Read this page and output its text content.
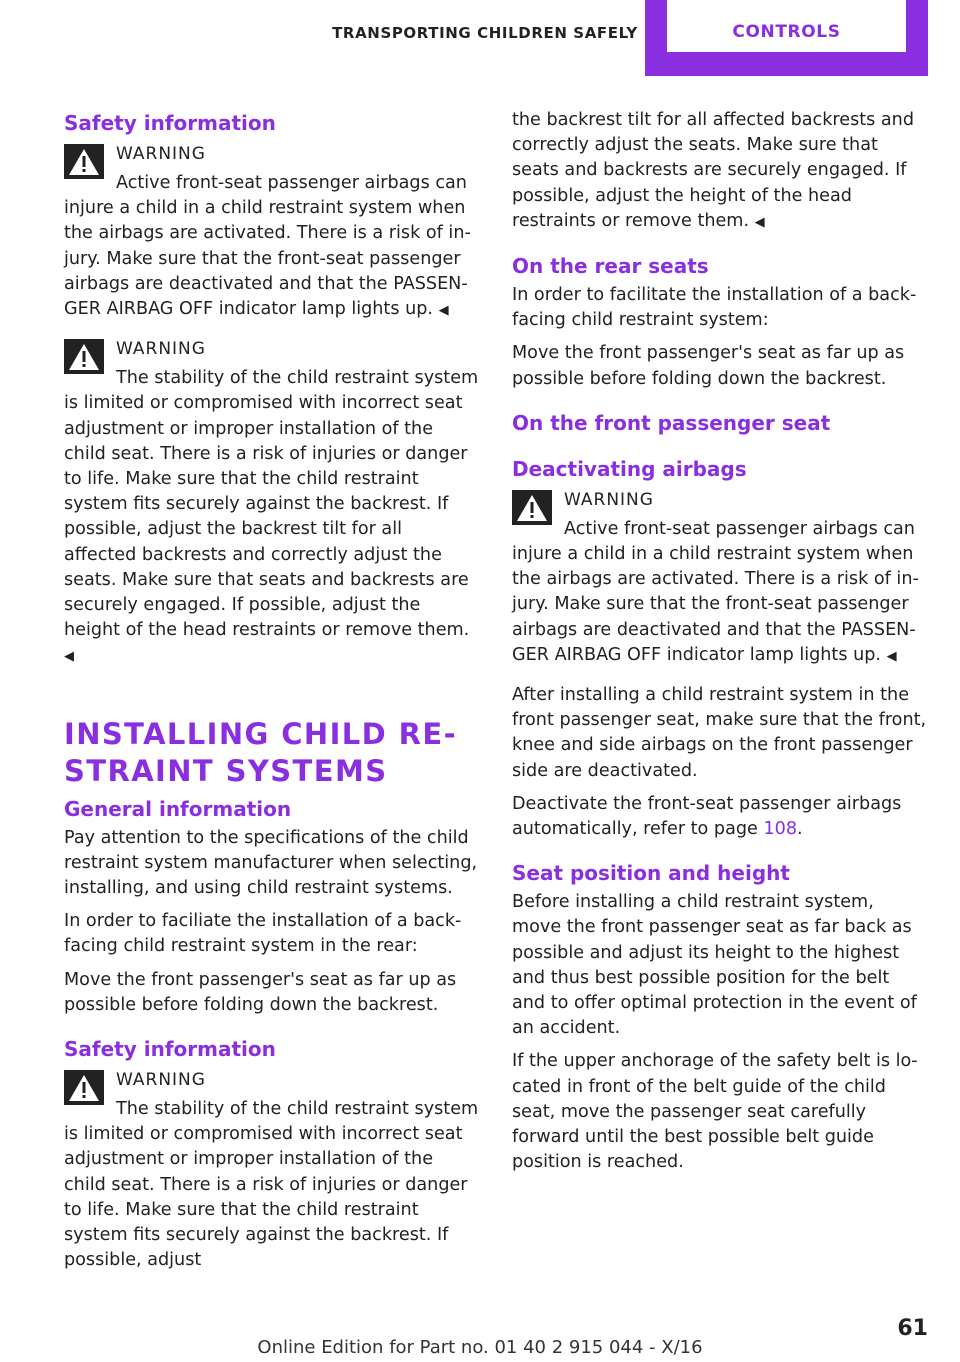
TRANSPORTING CHILDREN SAFELY	CONTROLS
Safety information
WARNING

Active front-seat passenger airbags can injure a child in a child restraint system when the airbags are activated. There is a risk of injury. Make sure that the front-seat passenger airbags are deactivated and that the PASSENGER AIRBAG OFF indicator lamp lights up. ◀

WARNING

The stability of the child restraint system is limited or compromised with incorrect seat adjustment or improper installation of the child seat. There is a risk of injuries or danger to life. Make sure that the child restraint system fits securely against the backrest. If possible, adjust the backrest tilt for all affected backrests and correctly adjust the seats. Make sure that seats and backrests are securely engaged. If possible, adjust the height of the head restraints or remove them. ◀

INSTALLING CHILD RESTRAINT SYSTEMS
General information

Pay attention to the specifications of the child restraint system manufacturer when selecting, installing, and using child restraint systems.

In order to faciliate the installation of a backfacing child restraint system in the rear:

Move the front passenger's seat as far up as possible before folding down the backrest.

Safety information
WARNING

The stability of the child restraint system is limited or compromised with incorrect seat adjustment or improper installation of the child seat. There is a risk of injuries or danger to life. Make sure that the child restraint system fits securely against the backrest. If possible, adjust

the backrest tilt for all affected backrests and correctly adjust the seats. Make sure that seats and backrests are securely engaged. If possible, adjust the height of the head restraints or remove them. ◀

On the rear seats

In order to facilitate the installation of a backfacing child restraint system:

Move the front passenger's seat as far up as possible before folding down the backrest.

On the front passenger seat
Deactivating airbags
WARNING

Active front-seat passenger airbags can injure a child in a child restraint system when the airbags are activated. There is a risk of injury. Make sure that the front-seat passenger airbags are deactivated and that the PASSENGER AIRBAG OFF indicator lamp lights up. ◀

After installing a child restraint system in the front passenger seat, make sure that the front, knee and side airbags on the front passenger side are deactivated.

Deactivate the front-seat passenger airbags automatically, refer to page 108.

Seat position and height

Before installing a child restraint system, move the front passenger seat as far back as possible and adjust its height to the highest and thus best possible position for the belt and to offer optimal protection in the event of an accident.

If the upper anchorage of the safety belt is located in front of the belt guide of the child seat, move the passenger seat carefully forward until the best possible belt guide position is reached.

61
Online Edition for Part no. 01 40 2 915 044 - X/16
